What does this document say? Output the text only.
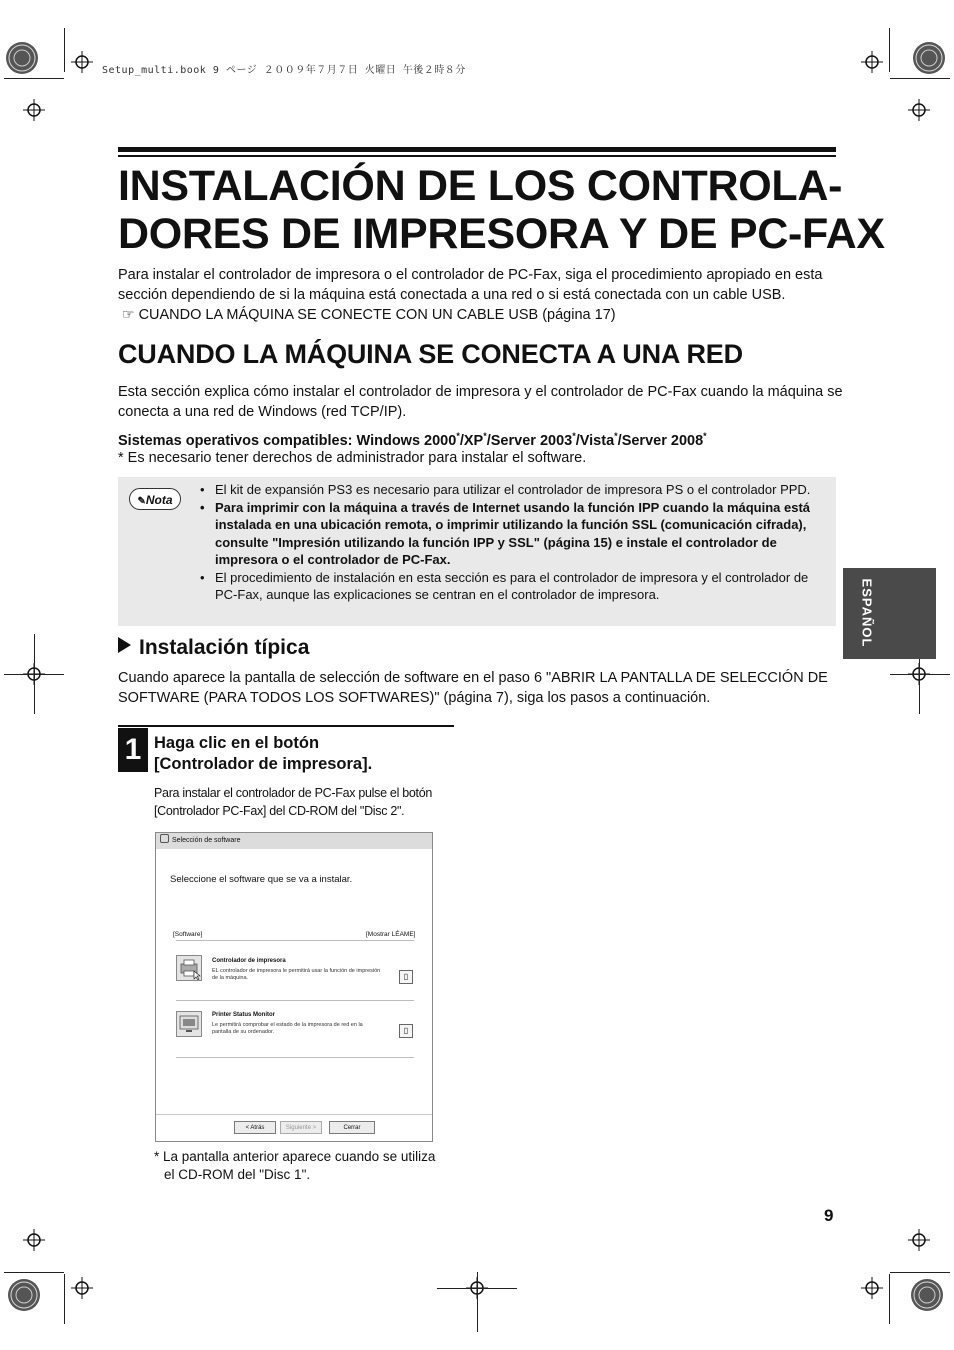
Setup_multi.book 9 ページ ２００９年７月７日 火曜日 午後２時８分
INSTALACIÓN DE LOS CONTROLA-
DORES DE IMPRESORA Y DE PC-FAX
Para instalar el controlador de impresora o el controlador de PC-Fax, siga el procedimiento apropiado en esta sección dependiendo de si la máquina está conectada a una red o si está conectada con un cable USB.
☞ CUANDO LA MÁQUINA SE CONECTE CON UN CABLE USB (página 17)
CUANDO LA MÁQUINA SE CONECTA A UNA RED
Esta sección explica cómo instalar el controlador de impresora y el controlador de PC-Fax cuando la máquina se conecta a una red de Windows (red TCP/IP).
Sistemas operativos compatibles: Windows 2000*/XP*/Server 2003*/Vista*/Server 2008*
* Es necesario tener derechos de administrador para instalar el software.
✎Nota
• El kit de expansión PS3 es necesario para utilizar el controlador de impresora PS o el controlador PPD.
• Para imprimir con la máquina a través de Internet usando la función IPP cuando la máquina está instalada en una ubicación remota, o imprimir utilizando la función SSL (comunicación cifrada), consulte "Impresión utilizando la función IPP y SSL" (página 15) e instale el controlador de impresora o el controlador de PC-Fax.
• El procedimiento de instalación en esta sección es para el controlador de impresora y el controlador de PC-Fax, aunque las explicaciones se centran en el controlador de impresora.
Instalación típica
Cuando aparece la pantalla de selección de software en el paso 6 "ABRIR LA PANTALLA DE SELECCIÓN DE SOFTWARE (PARA TODOS LOS SOFTWARES)" (página 7), siga los pasos a continuación.
1 Haga clic en el botón
[Controlador de impresora].
Para instalar el controlador de PC-Fax pulse el botón
[Controlador PC-Fax] del CD-ROM del "Disc 2".
Selección de software
Seleccione el software que se va a instalar.
[Software]	[Mostrar LÉAME]
Controlador de impresora
EL controlador de impresora le permitirá usar la función de impresión de la máquina.	▯
Printer Status Monitor
Le permitirá comprobar el estado de la impresora de red en la pantalla de su ordenador.	▯
< Atrás	Siguiente >	Cerrar
* La pantalla anterior aparece cuando se utiliza
el CD-ROM del "Disc 1".
ESPAÑOL
9
